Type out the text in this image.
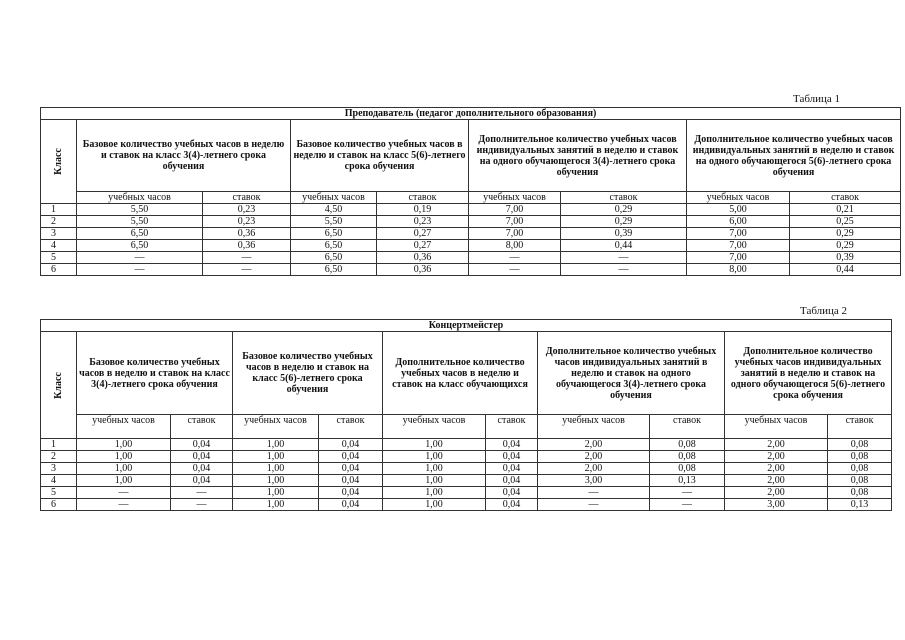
Таблица 1
Преподаватель (педагог дополнительного образования)								
Класс	Базовое количество учебных часов в неделю и ставок на класс 3(4)-летнего срока обучения		Базовое количество учебных часов в неделю и ставок на класс 5(6)-летнего срока обучения		Дополнительное количество учебных часов индивидуальных занятий в неделю и ставок на одного обучающегося 3(4)-летнего срока обучения		Дополнительное количество учебных часов индивидуальных занятий в неделю и ставок на одного обучающегося 5(6)-летнего срока обучения	
	учебных часов	ставок	учебных часов	ставок	учебных часов	ставок	учебных часов	ставок
1	5,50	0,23	4,50	0,19	7,00	0,29	5,00	0,21
2	5,50	0,23	5,50	0,23	7,00	0,29	6,00	0,25
3	6,50	0,36	6,50	0,27	7,00	0,39	7,00	0,29
4	6,50	0,36	6,50	0,27	8,00	0,44	7,00	0,29
5	—	—	6,50	0,36	—	—	7,00	0,39
6	—	—	6,50	0,36	—	—	8,00	0,44
Таблица 2
Концертмейстер										
Класс	Базовое количество учебных часов в неделю и ставок на класс 3(4)-летнего срока обучения		Базовое количество учебных часов в неделю и ставок на класс 5(6)-летнего срока обучения		Дополнительное количество учебных часов в неделю и ставок на класс обучающихся		Дополнительное количество учебных часов индивидуальных занятий в неделю и ставок на одного обучающегося 3(4)-летнего срока обучения		Дополнительное количество учебных часов индивидуальных занятий в неделю и ставок на одного обучающегося 5(6)-летнего срока обучения	
	учебных часов	ставок	учебных часов	ставок	учебных часов	ставок	учебных часов	ставок	учебных часов	ставок
1	1,00	0,04	1,00	0,04	1,00	0,04	2,00	0,08	2,00	0,08
2	1,00	0,04	1,00	0,04	1,00	0,04	2,00	0,08	2,00	0,08
3	1,00	0,04	1,00	0,04	1,00	0,04	2,00	0,08	2,00	0,08
4	1,00	0,04	1,00	0,04	1,00	0,04	3,00	0,13	2,00	0,08
5	—	—	1,00	0,04	1,00	0,04	—	—	2,00	0,08
6	—	—	1,00	0,04	1,00	0,04	—	—	3,00	0,13
